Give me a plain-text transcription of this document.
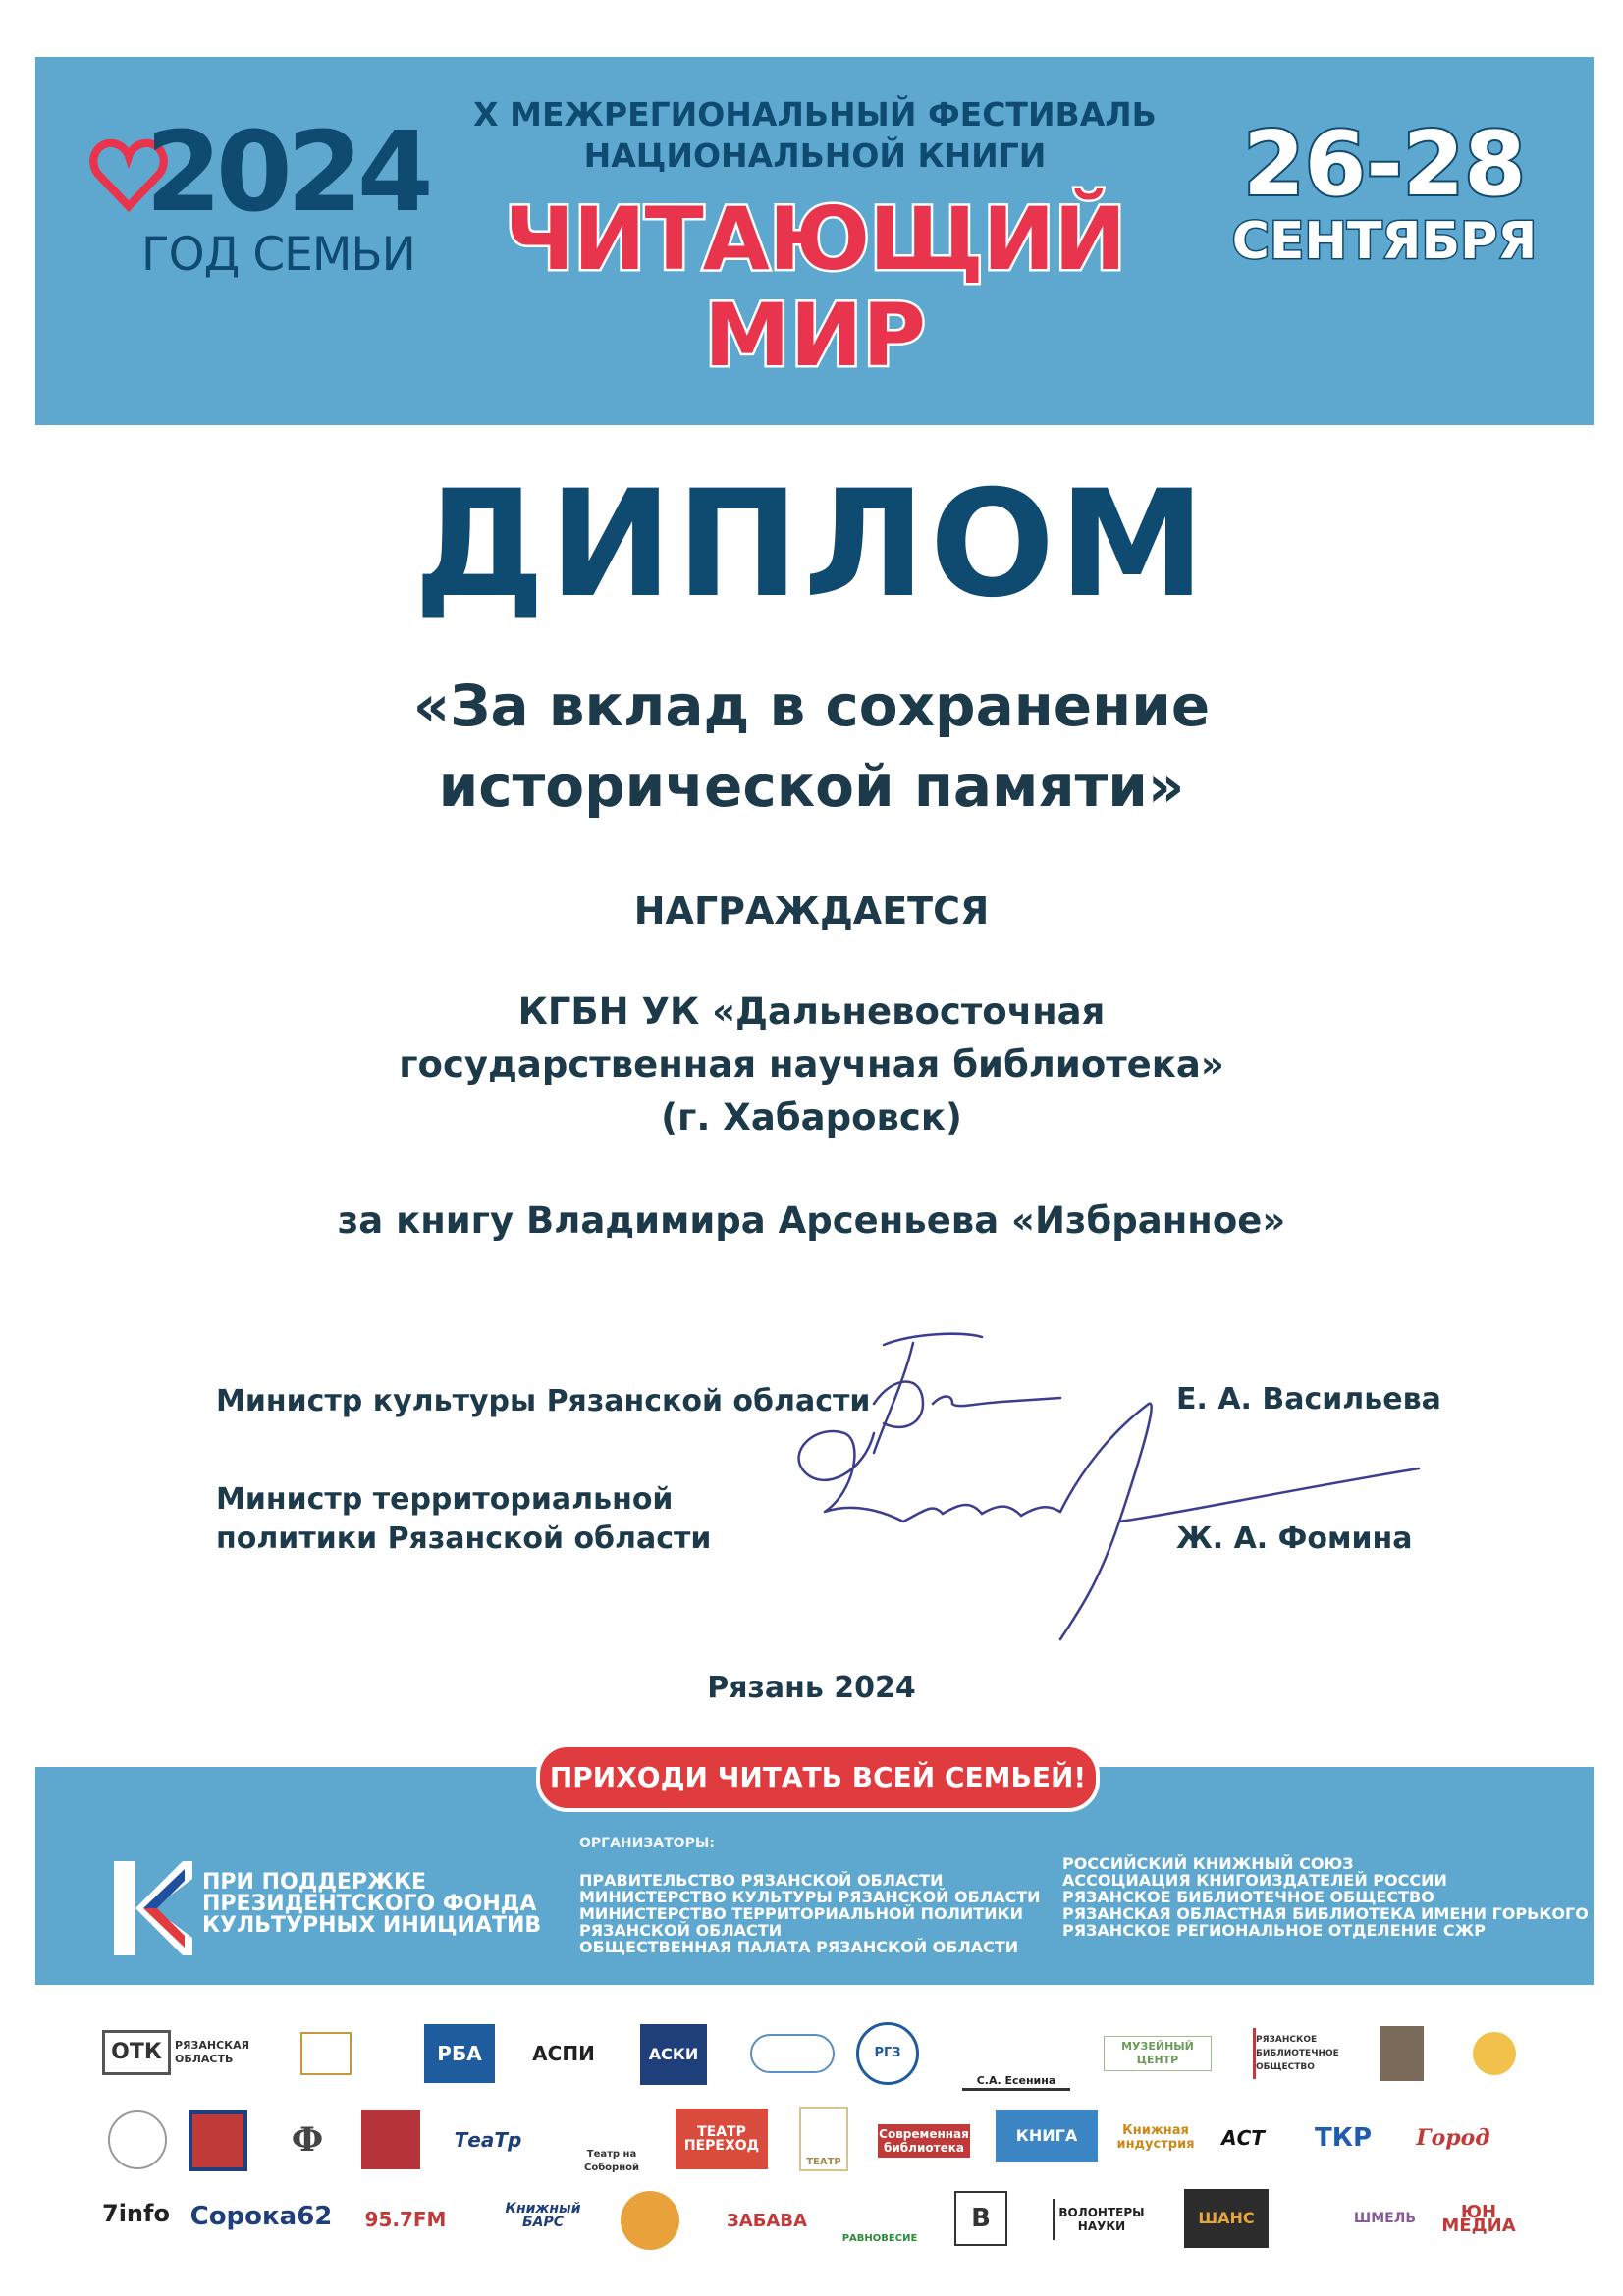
2024
ГОД СЕМЬИ
X МЕЖРЕГИОНАЛЬНЫЙ ФЕСТИВАЛЬ
НАЦИОНАЛЬНОЙ КНИГИ
ЧИТАЮЩИЙ
МИР
26-28
СЕНТЯБРЯ
ДИПЛОМ
«За вклад в сохранение
исторической памяти»
НАГРАЖДАЕТСЯ
КГБН УК «Дальневосточная
государственная научная библиотека»
(г. Хабаровск)
за книгу Владимира Арсеньева «Избранное»
Министр культуры Рязанской области	Е. А. Васильева
Министр территориальной
политики Рязанской области	Ж. А. Фомина
Рязань 2024
ПРИХОДИ ЧИТАТЬ ВСЕЙ СЕМЬЕЙ!
ПРИ ПОДДЕРЖКЕ
ПРЕЗИДЕНТСКОГО ФОНДА
КУЛЬТУРНЫХ ИНИЦИАТИВ
ОРГАНИЗАТОРЫ:
ПРАВИТЕЛЬСТВО РЯЗАНСКОЙ ОБЛАСТИ
МИНИСТЕРСТВО КУЛЬТУРЫ РЯЗАНСКОЙ ОБЛАСТИ
МИНИСТЕРСТВО ТЕРРИТОРИАЛЬНОЙ ПОЛИТИКИ
РЯЗАНСКОЙ ОБЛАСТИ
ОБЩЕСТВЕННАЯ ПАЛАТА РЯЗАНСКОЙ ОБЛАСТИ
РОССИЙСКИЙ КНИЖНЫЙ СОЮЗ
АССОЦИАЦИЯ КНИГОИЗДАТЕЛЕЙ РОССИИ
РЯЗАНСКОЕ БИБЛИОТЕЧНОЕ ОБЩЕСТВО
РЯЗАНСКАЯ ОБЛАСТНАЯ БИБЛИОТЕКА ИМЕНИ ГОРЬКОГО
РЯЗАНСКОЕ РЕГИОНАЛЬНОЕ ОТДЕЛЕНИЕ СЖР
ОТК	РЯЗАНСКАЯ ОБЛАСТЬ	РБА	АСПИ	АСКИ	РГЗ
С.А. Есенина
МУЗЕЙНЫЙ ЦЕНТР
РЯЗАНСКОЕ БИБЛИОТЕЧНОЕ ОБЩЕСТВО
Ф	ТеаТр
Театр на Соборной
ТЕАТР ПЕРЕХОД
ТЕАТР
Современная библиотека
КНИГА	Книжная индустрия	АСТ	ТКР	Город
7info Сорока62	95.7FM	Книжный БАРС	ЗАБАВА
РАВНОВЕСИЕ
В	ВОЛОНТЕРЫ НАУКИ	ШАНС	ШМЕЛЬ	ЮН МЕДИА
